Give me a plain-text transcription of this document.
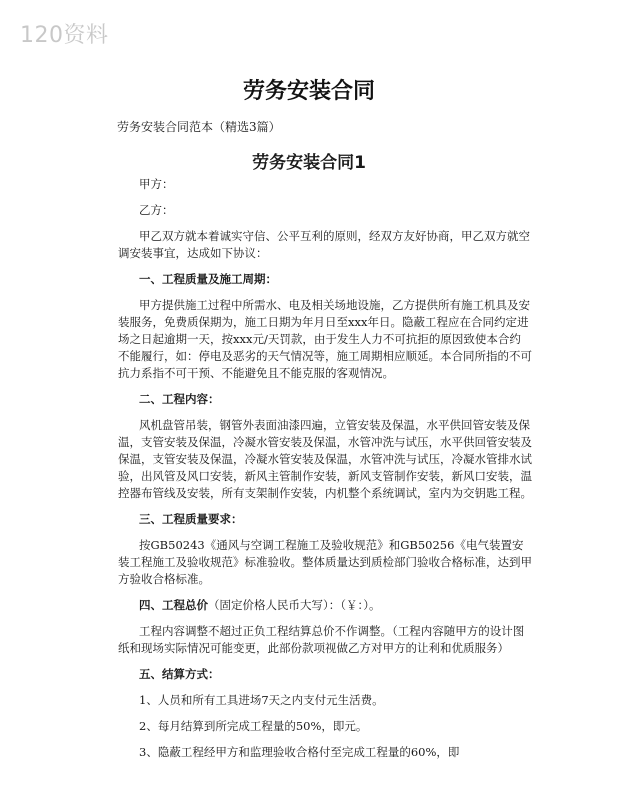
120资料
劳务安装合同
劳务安装合同范本（精选3篇）
劳务安装合同1

甲方：

乙方：

甲乙双方就本着诚实守信、公平互利的原则，经双方友好协商，甲乙双方就空调安装事宜，达成如下协议：

一、工程质量及施工周期：

甲方提供施工过程中所需水、电及相关场地设施，乙方提供所有施工机具及安装服务，免费质保期为，施工日期为年月日至xxx年日。隐蔽工程应在合同约定进场之日起逾期一天，按xxx元/天罚款，由于发生人力不可抗拒的原因致使本合约不能履行，如：停电及恶劣的天气情况等，施工周期相应顺延。本合同所指的不可抗力系指不可干预、不能避免且不能克服的客观情况。

二、工程内容：

风机盘管吊装，钢管外表面油漆四遍，立管安装及保温，水平供回管安装及保温，支管安装及保温，冷凝水管安装及保温，水管冲洗与试压，水平供回管安装及保温，支管安装及保温，冷凝水管安装及保温，水管冲洗与试压，冷凝水管排水试验，出风管及风口安装，新风主管制作安装，新风支管制作安装，新风口安装，温控器布管线及安装，所有支架制作安装，内机整个系统调试，室内为交钥匙工程。

三、工程质量要求：

按GB50243《通风与空调工程施工及验收规范》和GB50256《电气装置安装工程施工及验收规范》标准验收。整体质量达到质检部门验收合格标准，达到甲方验收合格标准。

四、工程总价（固定价格人民币大写）：（￥：）。

工程内容调整不超过正负工程结算总价不作调整。（工程内容随甲方的设计图纸和现场实际情况可能变更，此部份款项视做乙方对甲方的让利和优质服务）

五、结算方式：

1、人员和所有工具进场7天之内支付元生活费。

2、每月结算到所完成工程量的50%，即元。

3、隐蔽工程经甲方和监理验收合格付至完成工程量的60%，即
